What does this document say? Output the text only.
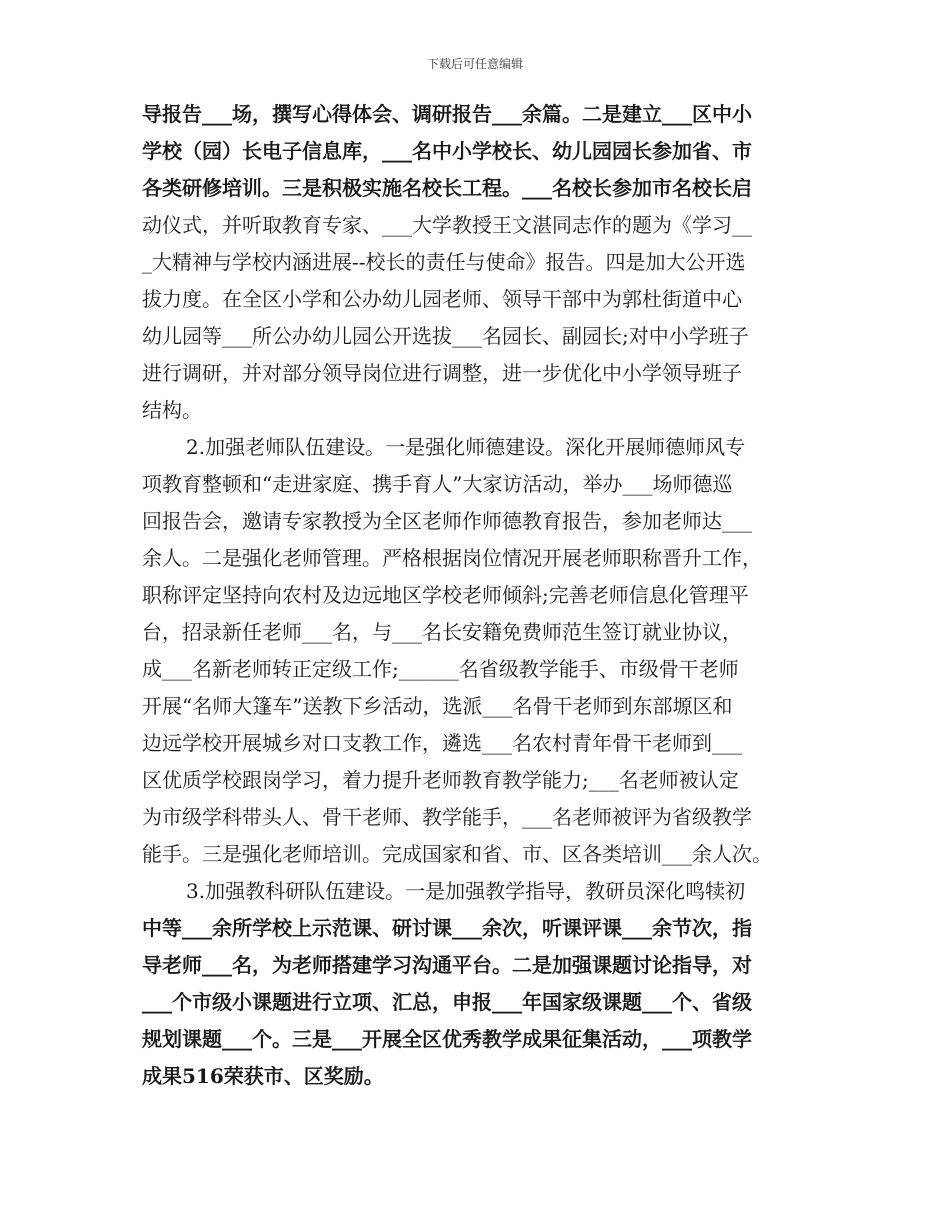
下载后可任意编辑
导报告___场，撰写心得体会、调研报告___余篇。二是建立___区中小
学校（园）长电子信息库，___名中小学校长、幼儿园园长参加省、市
各类研修培训。三是积极实施名校长工程。___名校长参加市名校长启
动仪式，并听取教育专家、___大学教授王文湛同志作的题为《学习__
_大精神与学校内涵进展--校长的责任与使命》报告。四是加大公开选
拔力度。在全区小学和公办幼儿园老师、领导干部中为郭杜街道中心
幼儿园等___所公办幼儿园公开选拔___名园长、副园长;对中小学班子
进行调研，并对部分领导岗位进行调整，进一步优化中小学领导班子
结构。
2.加强老师队伍建设。一是强化师德建设。深化开展师德师风专
项教育整顿和“走进家庭、携手育人”大家访活动，举办___场师德巡
回报告会，邀请专家教授为全区老师作师德教育报告，参加老师达___
余人。二是强化老师管理。严格根据岗位情况开展老师职称晋升工作，
职称评定坚持向农村及边远地区学校老师倾斜;完善老师信息化管理平
台，招录新任老师___名，与___名长安籍免费师范生签订就业协议，
成___名新老师转正定级工作;______名省级教学能手、市级骨干老师
开展“名师大篷车”送教下乡活动，选派___名骨干老师到东部塬区和
边远学校开展城乡对口支教工作，遴选___名农村青年骨干老师到___
区优质学校跟岗学习，着力提升老师教育教学能力;___名老师被认定
为市级学科带头人、骨干老师、教学能手，___名老师被评为省级教学
能手。三是强化老师培训。完成国家和省、市、区各类培训___余人次。
3.加强教科研队伍建设。一是加强教学指导，教研员深化鸣犊初
中等___余所学校上示范课、研讨课___余次，听课评课___余节次，指
导老师___名，为老师搭建学习沟通平台。二是加强课题讨论指导，对
___个市级小课题进行立项、汇总，申报___年国家级课题___个、省级
规划课题___个。三是___开展全区优秀教学成果征集活动，___项教学
成果516荣获市、区奖励。
